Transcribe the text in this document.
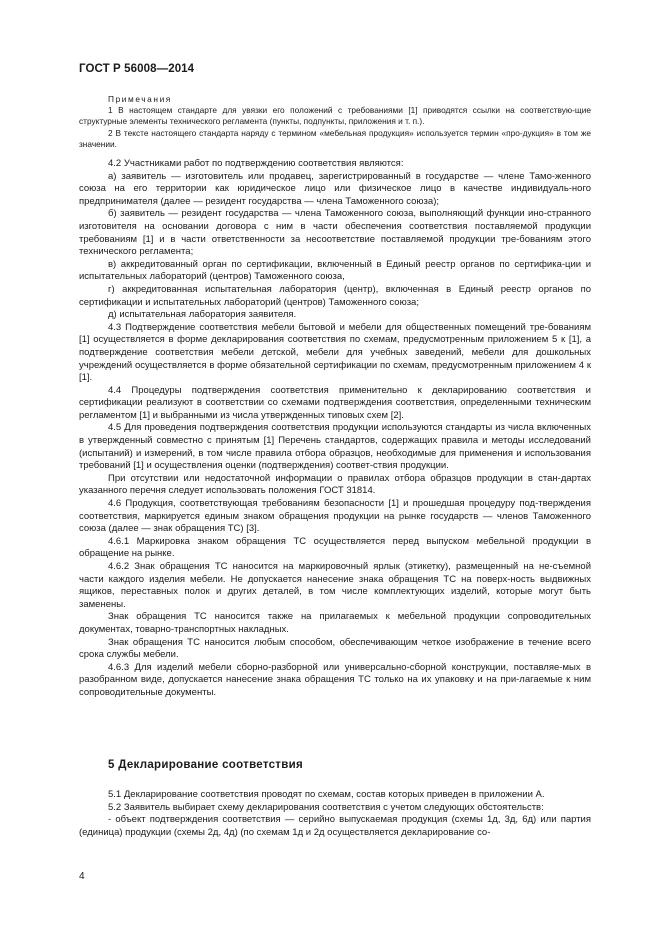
ГОСТ Р 56008—2014
Примечания

1 В настоящем стандарте для увязки его положений с требованиями [1] приводятся ссылки на соответствую-щие структурные элементы технического регламента (пункты, подпункты, приложения и т. п.).

2 В тексте настоящего стандарта наряду с термином «мебельная продукция» используется термин «про-дукция» в том же значении.

4.2 Участниками работ по подтверждению соответствия являются:

а) заявитель — изготовитель или продавец, зарегистрированный в государстве — члене Тамо-женного союза на его территории как юридическое лицо или физическое лицо в качестве индивидуаль-ного предпринимателя (далее — резидент государства — члена Таможенного союза);

б) заявитель — резидент государства — члена Таможенного союза, выполняющий функции ино-странного изготовителя на основании договора с ним в части обеспечения соответствия поставляемой продукции требованиям [1] и в части ответственности за несоответствие поставляемой продукции тре-бованиям этого технического регламента;

в) аккредитованный орган по сертификации, включенный в Единый реестр органов по сертифика-ции и испытательных лабораторий (центров) Таможенного союза,

г) аккредитованная испытательная лаборатория (центр), включенная в Единый реестр органов по сертификации и испытательных лабораторий (центров) Таможенного союза;

д) испытательная лаборатория заявителя.

4.3 Подтверждение соответствия мебели бытовой и мебели для общественных помещений тре-бованиям [1] осуществляется в форме декларирования соответствия по схемам, предусмотренным приложением 5 к [1], а подтверждение соответствия мебели детской, мебели для учебных заведений, мебели для дошкольных учреждений осуществляется в форме обязательной сертификации по схемам, предусмотренным приложением 4 к [1].

4.4 Процедуры подтверждения соответствия применительно к декларированию соответствия и сертификации реализуют в соответствии со схемами подтверждения соответствия, определенными техническим регламентом [1] и выбранными из числа утвержденных типовых схем [2].

4.5 Для проведения подтверждения соответствия продукции используются стандарты из числа включенных в утвержденный совместно с принятым [1] Перечень стандартов, содержащих правила и методы исследований (испытаний) и измерений, в том числе правила отбора образцов, необходимые для применения и использования требований [1] и осуществления оценки (подтверждения) соответ-ствия продукции.

При отсутствии или недостаточной информации о правилах отбора образцов продукции в стан-дартах указанного перечня следует использовать положения ГОСТ 31814.

4.6 Продукция, соответствующая требованиям безопасности [1] и прошедшая процедуру под-тверждения соответствия, маркируется единым знаком обращения продукции на рынке государств — членов Таможенного союза (далее — знак обращения ТС) [3].

4.6.1 Маркировка знаком обращения ТС осуществляется перед выпуском мебельной продукции в обращение на рынке.

4.6.2 Знак обращения ТС наносится на маркировочный ярлык (этикетку), размещенный на не-съемной части каждого изделия мебели. Не допускается нанесение знака обращения ТС на поверх-ность выдвижных ящиков, переставных полок и других деталей, в том числе комплектующих изделий, которые могут быть заменены.

Знак обращения ТС наносится также на прилагаемых к мебельной продукции сопроводительных документах, товарно-транспортных накладных.

Знак обращения ТС наносится любым способом, обеспечивающим четкое изображение в течение всего срока службы мебели.

4.6.3 Для изделий мебели сборно-разборной или универсально-сборной конструкции, поставляе-мых в разобранном виде, допускается нанесение знака обращения ТС только на их упаковку и на при-лагаемые к ним сопроводительные документы.

5 Декларирование соответствия

5.1 Декларирование соответствия проводят по схемам, состав которых приведен в приложении А.

5.2 Заявитель выбирает схему декларирования соответствия с учетом следующих обстоятельств:

- объект подтверждения соответствия — серийно выпускаемая продукция (схемы 1д, 3д, 6д) или партия (единица) продукции (схемы 2д, 4д) (по схемам 1д и 2д осуществляется декларирование со-

4
